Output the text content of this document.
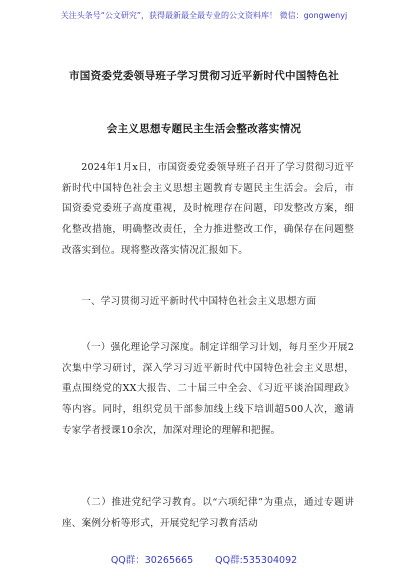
关注头条号“公文研究”，获得最新最全最专业的公文资料库！ 微信：gongwenyj
市国资委党委领导班子学习贯彻习近平新时代中国特色社
会主义思想专题民主生活会整改落实情况
2024年1月x日，市国资委党委领导班子召开了学习贯彻习近平新时代中国特色社会主义思想主题教育专题民主生活会。会后，市国资委党委班子高度重视，及时梳理存在问题，印发整改方案，细化整改措施，明确整改责任，全力推进整改工作，确保存在问题整改落实到位。现将整改落实情况汇报如下。
一、学习贯彻习近平新时代中国特色社会主义思想方面
（一）强化理论学习深度。制定详细学习计划，每月至少开展2次集中学习研讨，深入学习习近平新时代中国特色社会主义思想，重点围绕党的XX大报告、二十届三中全会、《习近平谈治国理政》等内容。同时，组织党员干部参加线上线下培训超500人次，邀请专家学者授课10余次，加深对理论的理解和把握。
（二）推进党纪学习教育。以“六项纪律”为重点，通过专题讲座、案例分析等形式，开展党纪学习教育活动
QQ群：30265665 QQ群:535304092
